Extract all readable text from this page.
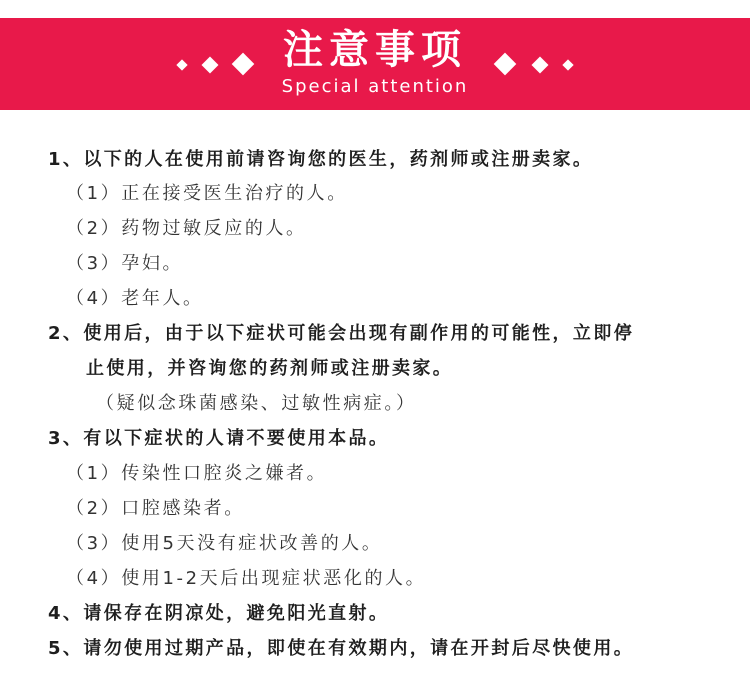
注意事项
Special attention
1、以下的人在使用前请咨询您的医生，药剂师或注册卖家。
（1）正在接受医生治疗的人。
（2）药物过敏反应的人。
（3）孕妇。
（4）老年人。
2、使用后，由于以下症状可能会出现有副作用的可能性，立即停
止使用，并咨询您的药剂师或注册卖家。
（疑似念珠菌感染、过敏性病症。）
3、有以下症状的人请不要使用本品。
（1）传染性口腔炎之嫌者。
（2）口腔感染者。
（3）使用5天没有症状改善的人。
（4）使用1-2天后出现症状恶化的人。
4、请保存在阴凉处，避免阳光直射。
5、请勿使用过期产品，即使在有效期内，请在开封后尽快使用。
